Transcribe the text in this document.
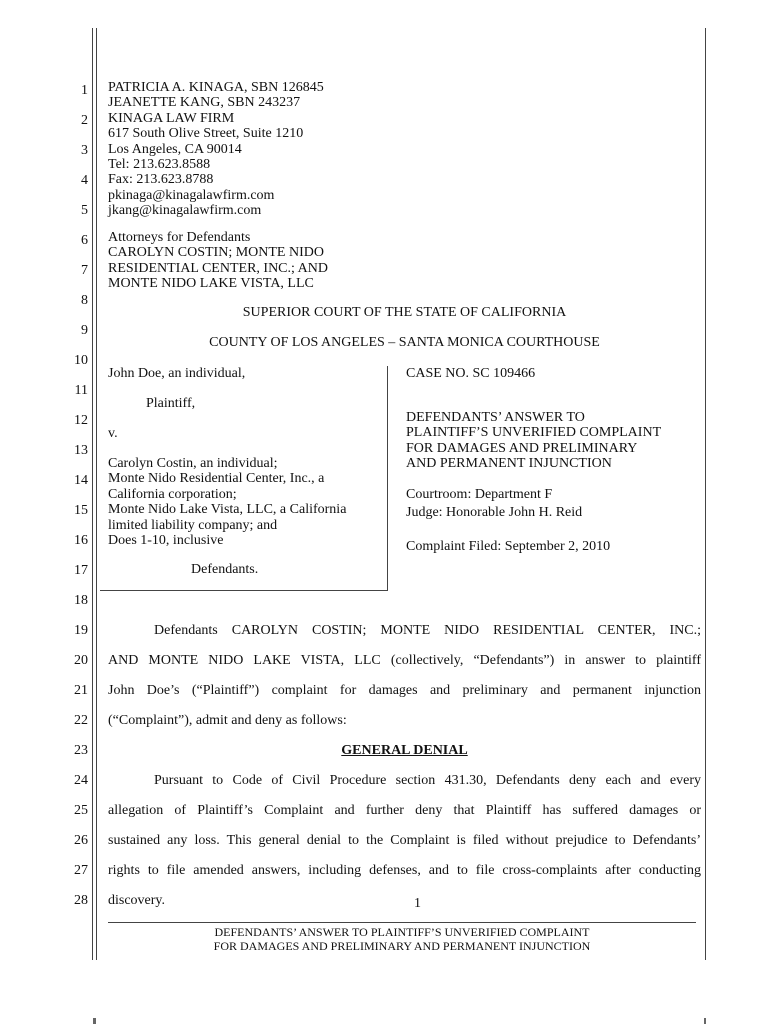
1
2
3
4
5
6
7
8
9
10
11
12
13
14
15
16
17
18
19
20
21
22
23
24
25
26
27
28
PATRICIA A. KINAGA, SBN 126845
JEANETTE KANG, SBN 243237
KINAGA LAW FIRM
617 South Olive Street, Suite 1210
Los Angeles, CA 90014
Tel: 213.623.8588
Fax: 213.623.8788
pkinaga@kinagalawfirm.com
jkang@kinagalawfirm.com
Attorneys for Defendants
CAROLYN COSTIN; MONTE NIDO
RESIDENTIAL CENTER, INC.; AND
MONTE NIDO LAKE VISTA, LLC
SUPERIOR COURT OF THE STATE OF CALIFORNIA
COUNTY OF LOS ANGELES – SANTA MONICA COURTHOUSE
John Doe, an individual,
Plaintiff,
v.
Carolyn Costin, an individual;
Monte Nido Residential Center, Inc., a
California corporation;
Monte Nido Lake Vista, LLC, a California
limited liability company; and
Does 1-10, inclusive
Defendants.
CASE NO. SC 109466
DEFENDANTS’ ANSWER TO
PLAINTIFF’S UNVERIFIED COMPLAINT
FOR DAMAGES AND PRELIMINARY
AND PERMANENT INJUNCTION
Courtroom: Department F
Judge: Honorable John H. Reid
Complaint Filed: September 2, 2010
Defendants CAROLYN COSTIN; MONTE NIDO RESIDENTIAL CENTER, INC.;
AND MONTE NIDO LAKE VISTA, LLC (collectively, “Defendants”) in answer to plaintiff
John Doe’s (“Plaintiff”) complaint for damages and preliminary and permanent injunction
(“Complaint”), admit and deny as follows:
GENERAL DENIAL
Pursuant to Code of Civil Procedure section 431.30, Defendants deny each and every
allegation of Plaintiff’s Complaint and further deny that Plaintiff has suffered damages or
sustained any loss. This general denial to the Complaint is filed without prejudice to Defendants’
rights to file amended answers, including defenses, and to file cross-complaints after conducting
discovery.	1
DEFENDANTS’ ANSWER TO PLAINTIFF’S UNVERIFIED COMPLAINT
FOR DAMAGES AND PRELIMINARY AND PERMANENT INJUNCTION
